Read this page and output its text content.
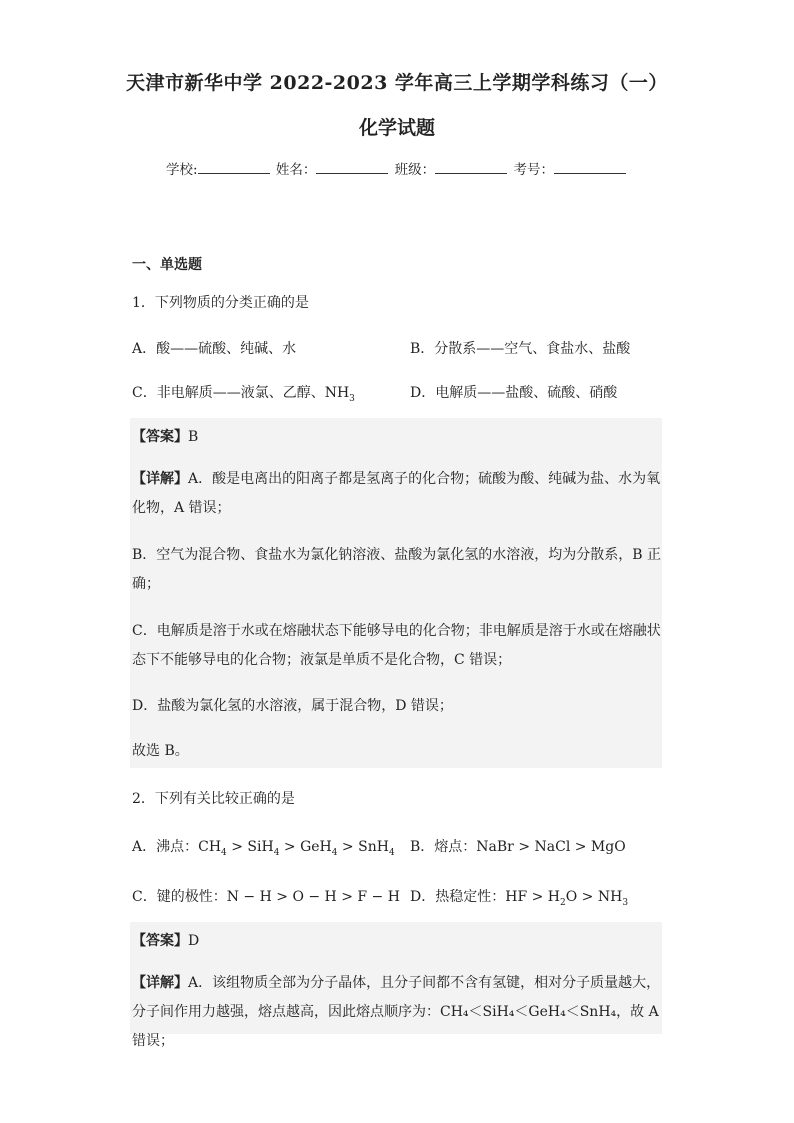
天津市新华中学 2022-2023 学年高三上学期学科练习（一）
化学试题
学校:	姓名：	班级：	考号：
一、单选题
1．下列物质的分类正确的是
A．酸——硫酸、纯碱、水	B．分散系——空气、食盐水、盐酸
C．非电解质——液氯、乙醇、$NH_3$	D．电解质——盐酸、硫酸、硝酸
【答案】B
【详解】A．酸是电离出的阳离子都是氢离子的化合物；硫酸为酸、纯碱为盐、水为氧化物，A 错误；
B．空气为混合物、食盐水为氯化钠溶液、盐酸为氯化氢的水溶液，均为分散系，B 正确；
C．电解质是溶于水或在熔融状态下能够导电的化合物；非电解质是溶于水或在熔融状态下不能够导电的化合物；液氯是单质不是化合物，C 错误；
D．盐酸为氯化氢的水溶液，属于混合物，D 错误；
故选 B。
2．下列有关比较正确的是
A．沸点：$CH_4 > SiH_4 > GeH_4 > SnH_4$ B．熔点：NaBr > NaCl > MgO
C．键的极性：N − H > O − H > F − H D．热稳定性：HF > $H_2O > NH_3$
【答案】D
【详解】A．该组物质全部为分子晶体，且分子间都不含有氢键，相对分子质量越大，分子间作用力越强，熔点越高，因此熔点顺序为：CH₄＜SiH₄＜GeH₄＜SnH₄，故 A 错误；
